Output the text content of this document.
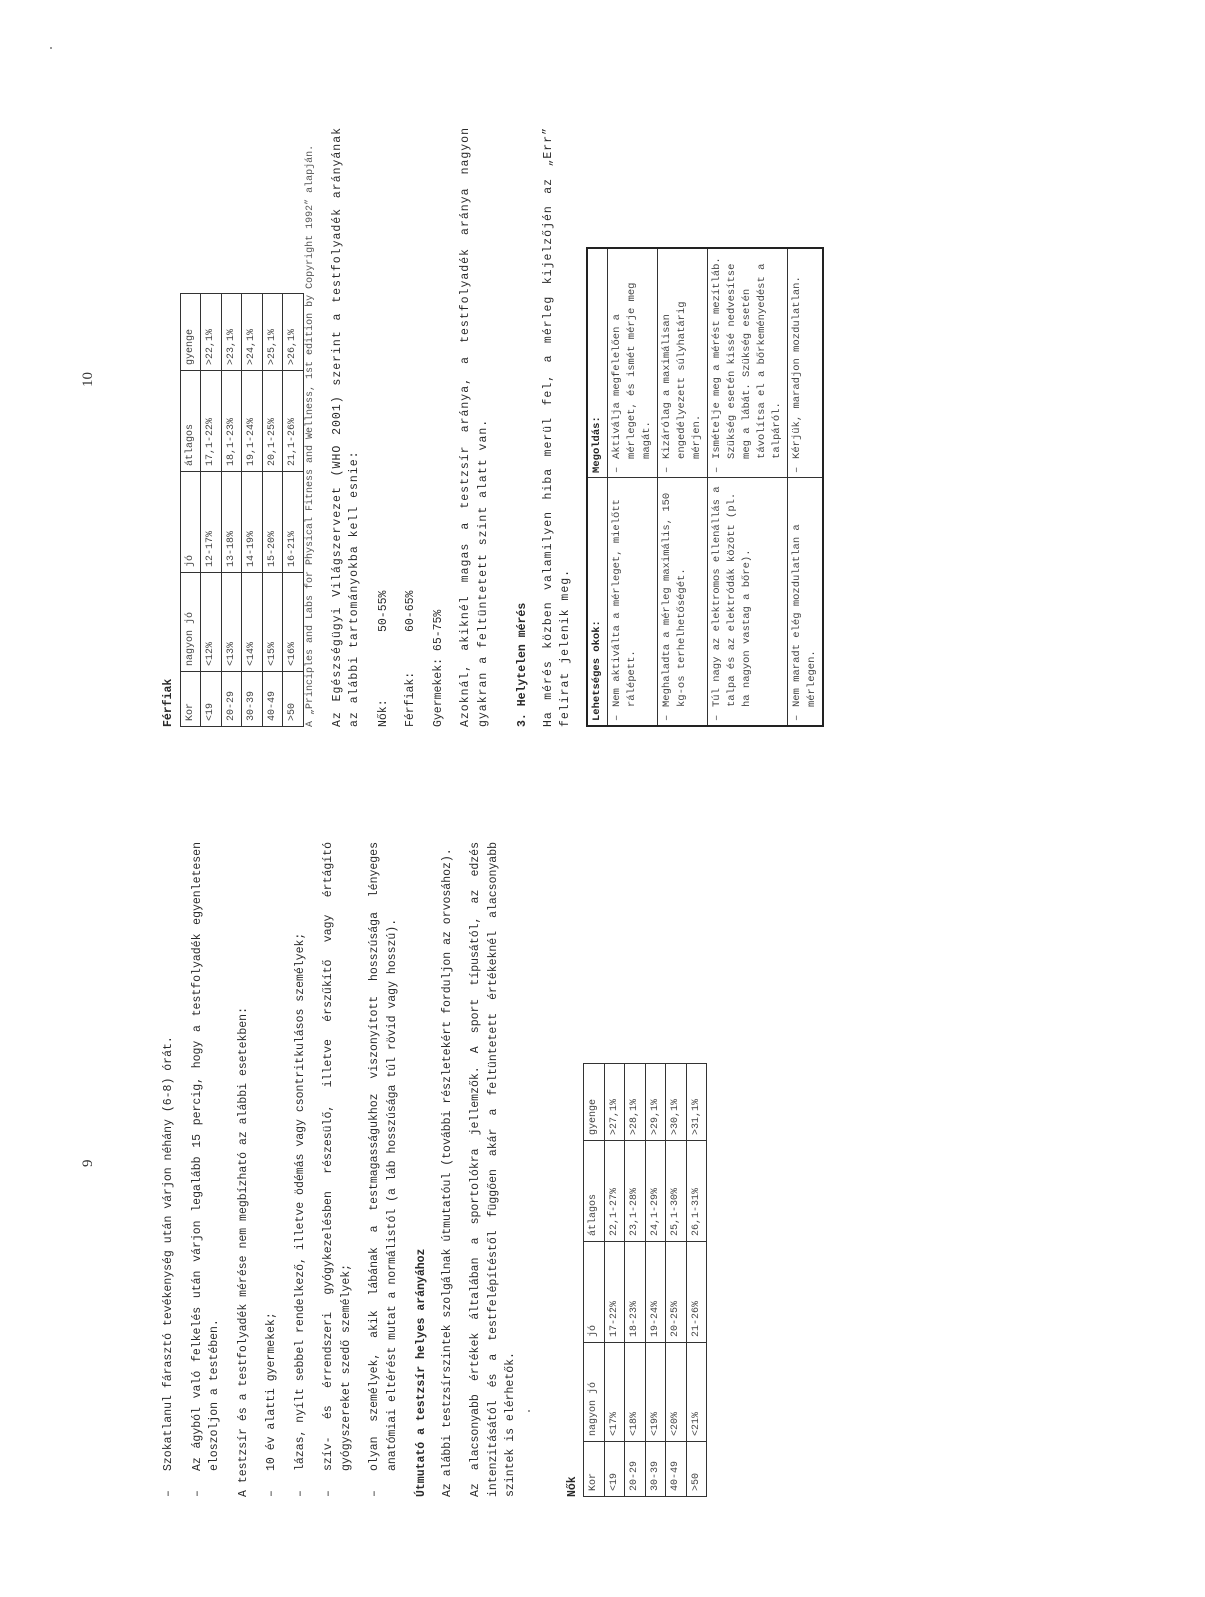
9
–
Szokatlanul fárasztó tevékenység után várjon néhány (6-8) órát.
–
Az ágyból való felkelés után várjon legalább 15 percig, hogy a testfolyadék egyenletesen eloszoljon a testében. A testzsír és a testfolyadék mérése nem megbízható az alábbi esetekben: –
10 év alatti gyermekek;
–
lázas, nyílt sebbel rendelkező, illetve ödémás vagy csontritkulásos személyek;
–
szív- és érrendszeri gyógykezelésben részesülő, illetve érszűkítő vagy értágító gyógyszereket szedő személyek;
–
olyan személyek, akik lábának a testmagasságukhoz viszonyított hosszúsága lényeges anatómiai eltérést mutat a normálistól (a láb hosszúsága túl rövid vagy hosszú). Útmutató a testzsír helyes arányához Az alábbi testzsírszintek szolgálnak útmutatóul (további részletekért forduljon az orvosához). Az alacsonyabb értékek általában a sportolókra jellemzők. A sport típusától, az edzés intenzitásától és a testfelépítéstől függően akár a feltüntetett értékeknél alacsonyabb szintek is elérhetők.	Nők Kor	nagyon jó	jó	átlagos	gyenge
<19	<17%	17-22%	22,1-27%	>27,1%
20-29	<18%	18-23%	23,1-28%	>28,1%
30-39	<19%	19-24%	24,1-29%	>29,1%
40-49	<20%	20-25%	25,1-30%	>30,1%
>50	<21%	21-26%	26,1-31%	>31,1%
10
Férfiak Kor	nagyon jó	jó	átlagos	gyenge
<19	<12%	12-17%	17,1-22%	>22,1%
20-29	<13%	13-18%	18,1-23%	>23,1%
30-39	<14%	14-19%	19,1-24%	>24,1%
40-49	<15%	15-20%	20,1-25%	>25,1%
>50	<16%	16-21%	21,1-26%	>26,1% A „Principles and Labs for Physical Fitness and Wellness, 1st edition by Copyright 1992” alapján. Az Egészségügyi Világszervezet (WHO 2001) szerint a testfolyadék arányának az alábbi tartományokba kell esnie: Nők:
50-55%
Férfiak:
60-65%
Gyermekek:

65-75% Azoknál, akiknél magas a testzsír aránya, a testfolyadék aránya nagyon gyakran a feltüntetett szint alatt van. 3. Helytelen mérés Ha mérés közben valamilyen hiba merül fel, a mérleg kijelzőjén az „Err” felirat jelenik meg. Lehetséges okok:	Megoldás:

–
Nem aktiválta a mérleget, mielőtt rálépett.	–
Aktiválja megfelelően a mérleget, és ismét mérje meg magát.

–
Meghaladta a mérleg maximális, 150 kg-os terhelhetőségét.	–
Kizárólag a maximálisan engedélyezett súlyhatárig mérjen.

–
Túl nagy az elektromos ellenállás a talpa és az elektródák között (pl. ha nagyon vastag a bőre).	–
Ismételje meg a mérést mezítláb. Szükség esetén kissé nedvesítse meg a lábát. Szükség esetén távolítsa el a bőrkeményedést a talpáról.

–
Nem maradt elég mozdulatlan a mérlegen.	–
Kérjük, maradjon mozdulatlan.
